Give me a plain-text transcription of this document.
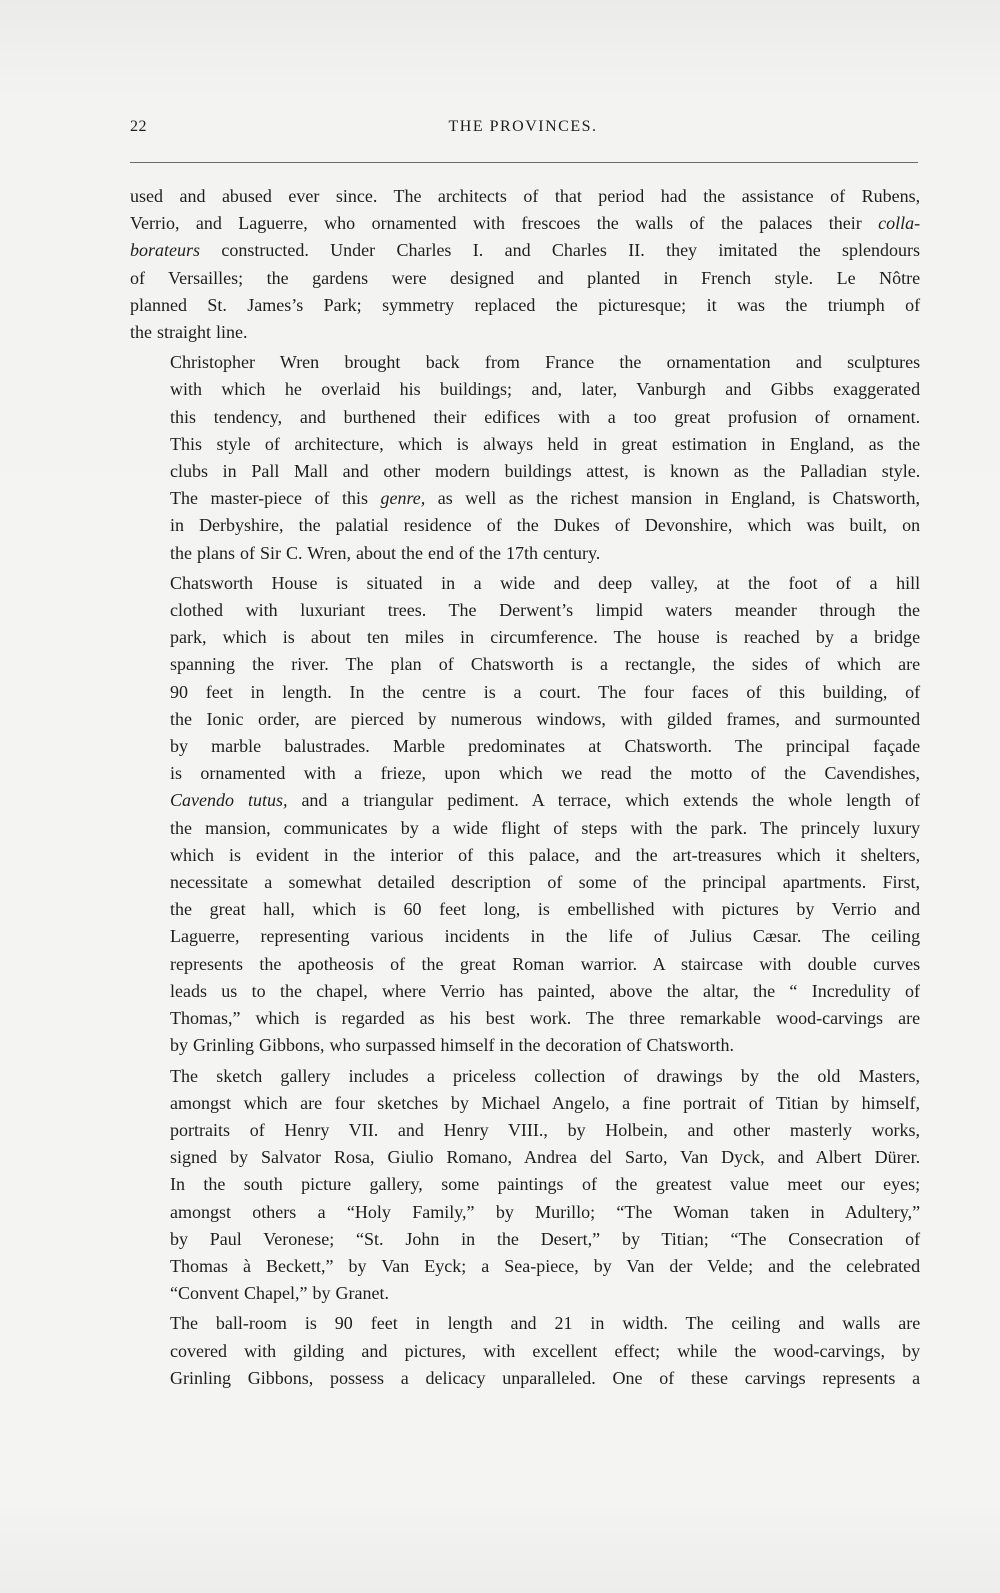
22	THE PROVINCES.
used and abused ever since. The architects of that period had the assistance of Rubens,
Verrio, and Laguerre, who ornamented with frescoes the walls of the palaces their colla-
borateurs constructed. Under Charles I. and Charles II. they imitated the splendours
of Versailles; the gardens were designed and planted in French style. Le Nôtre
planned St. James’s Park; symmetry replaced the picturesque; it was the triumph of
the straight line.
Christopher Wren brought back from France the ornamentation and sculptures
with which he overlaid his buildings; and, later, Vanburgh and Gibbs exaggerated
this tendency, and burthened their edifices with a too great profusion of ornament.
This style of architecture, which is always held in great estimation in England, as the
clubs in Pall Mall and other modern buildings attest, is known as the Palladian style.
The master-piece of this genre, as well as the richest mansion in England, is Chatsworth,
in Derbyshire, the palatial residence of the Dukes of Devonshire, which was built, on
the plans of Sir C. Wren, about the end of the 17th century.
Chatsworth House is situated in a wide and deep valley, at the foot of a hill
clothed with luxuriant trees. The Derwent’s limpid waters meander through the
park, which is about ten miles in circumference. The house is reached by a bridge
spanning the river. The plan of Chatsworth is a rectangle, the sides of which are
90 feet in length. In the centre is a court. The four faces of this building, of
the Ionic order, are pierced by numerous windows, with gilded frames, and surmounted
by marble balustrades. Marble predominates at Chatsworth. The principal façade
is ornamented with a frieze, upon which we read the motto of the Cavendishes,
Cavendo tutus, and a triangular pediment. A terrace, which extends the whole length of
the mansion, communicates by a wide flight of steps with the park. The princely luxury
which is evident in the interior of this palace, and the art-treasures which it shelters,
necessitate a somewhat detailed description of some of the principal apartments. First,
the great hall, which is 60 feet long, is embellished with pictures by Verrio and
Laguerre, representing various incidents in the life of Julius Cæsar. The ceiling
represents the apotheosis of the great Roman warrior. A staircase with double curves
leads us to the chapel, where Verrio has painted, above the altar, the “ Incredulity of
Thomas,” which is regarded as his best work. The three remarkable wood-carvings are
by Grinling Gibbons, who surpassed himself in the decoration of Chatsworth.
The sketch gallery includes a priceless collection of drawings by the old Masters,
amongst which are four sketches by Michael Angelo, a fine portrait of Titian by himself,
portraits of Henry VII. and Henry VIII., by Holbein, and other masterly works,
signed by Salvator Rosa, Giulio Romano, Andrea del Sarto, Van Dyck, and Albert Dürer.
In the south picture gallery, some paintings of the greatest value meet our eyes;
amongst others a “Holy Family,” by Murillo; “The Woman taken in Adultery,”
by Paul Veronese; “St. John in the Desert,” by Titian; “The Consecration of
Thomas à Beckett,” by Van Eyck; a Sea-piece, by Van der Velde; and the celebrated
“Convent Chapel,” by Granet.
The ball-room is 90 feet in length and 21 in width. The ceiling and walls are
covered with gilding and pictures, with excellent effect; while the wood-carvings, by
Grinling Gibbons, possess a delicacy unparalleled. One of these carvings represents a
